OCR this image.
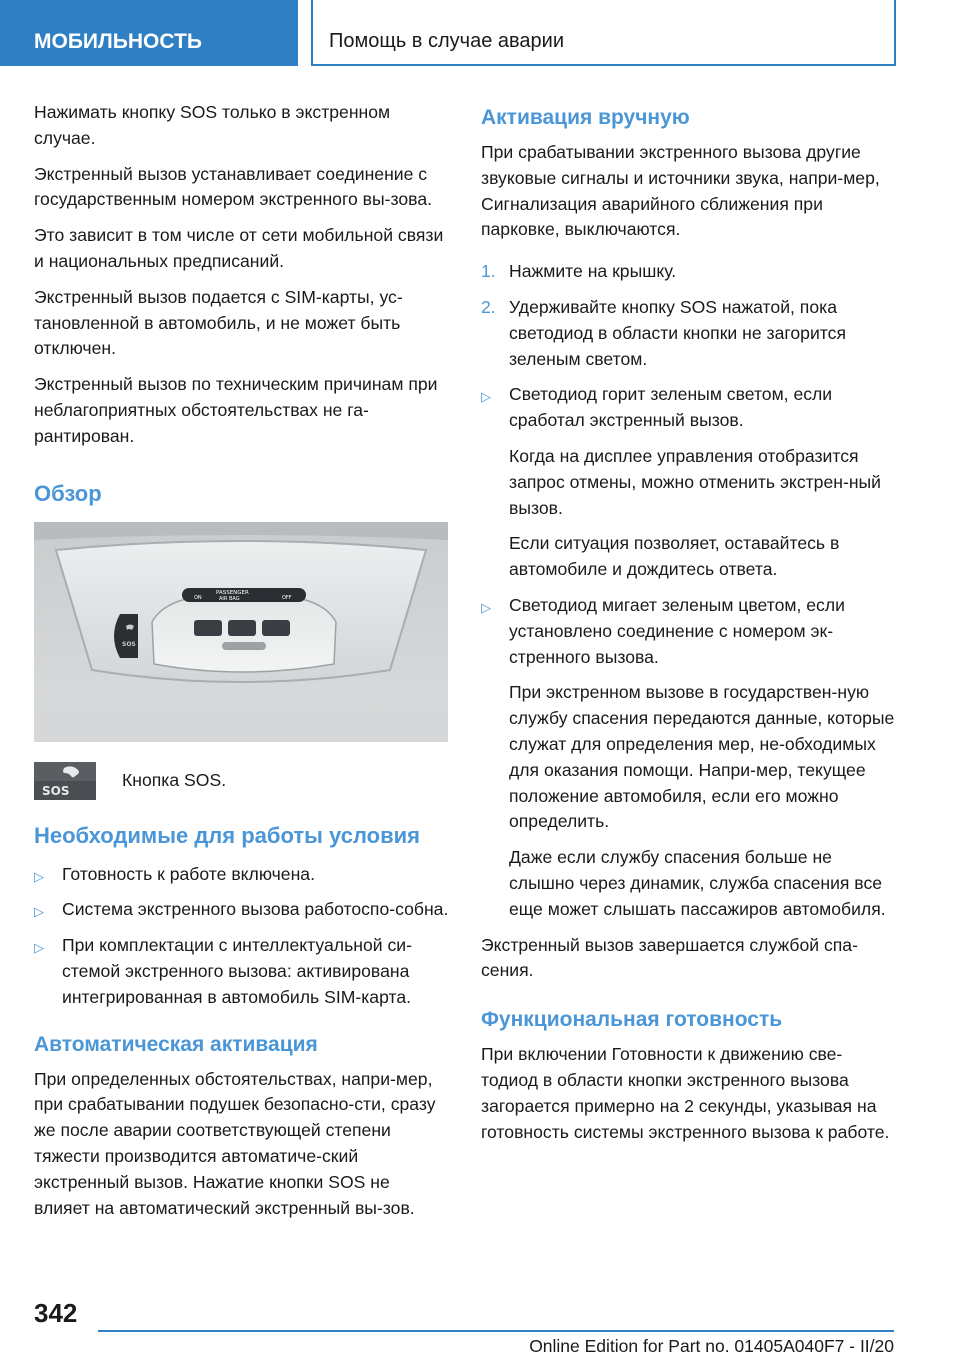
МОБИЛЬНОСТЬ	Помощь в случае аварии

Нажимать кнопку SOS только в экстренном случае.

Экстренный вызов устанавливает соединение с государственным номером экстренного вы-зова.

Это зависит в том числе от сети мобильной связи и национальных предписаний.

Экстренный вызов подается с SIM-карты, ус-тановленной в автомобиль, и не может быть отключен.

Экстренный вызов по техническим причинам при неблагоприятных обстоятельствах не га-рантирован.

Обзор
PASSENGER
AIR BAG
ON	OFF
SOS
SOS
Кнопка SOS.
Необходимые для работы условия
▷ Готовность к работе включена.
▷ Система экстренного вызова работоспо-собна.
▷ При комплектации с интеллектуальной си-стемой экстренного вызова: активирована интегрированная в автомобиль SIM-карта.
Автоматическая активация

При определенных обстоятельствах, напри-мер, при срабатывании подушек безопасно-сти, сразу же после аварии соответствующей степени тяжести производится автоматиче-ский экстренный вызов. Нажатие кнопки SOS не влияет на автоматический экстренный вы-зов.

Активация вручную

При срабатывании экстренного вызова другие звуковые сигналы и источники звука, напри-мер, Сигнализация аварийного сближения при парковке, выключаются.

1. Нажмите на крышку.
2. Удерживайте кнопку SOS нажатой, пока светодиод в области кнопки не загорится зеленым светом.
▷ Светодиод горит зеленым светом, если сработал экстренный вызов.
Когда на дисплее управления отобразится запрос отмены, можно отменить экстрен-ный вызов.
Если ситуация позволяет, оставайтесь в автомобиле и дождитесь ответа.
▷ Светодиод мигает зеленым цветом, если установлено соединение с номером эк-стренного вызова.
При экстренном вызове в государствен-ную службу спасения передаются данные, которые служат для определения мер, не-обходимых для оказания помощи. Напри-мер, текущее положение автомобиля, если его можно определить.
Даже если службу спасения больше не слышно через динамик, служба спасения все еще может слышать пассажиров автомобиля.

Экстренный вызов завершается службой спа-сения.

Функциональная готовность

При включении Готовности к движению све-тодиод в области кнопки экстренного вызова загорается примерно на 2 секунды, указывая на готовность системы экстренного вызова к работе.

342
Online Edition for Part no. 01405A040F7 - II/20
